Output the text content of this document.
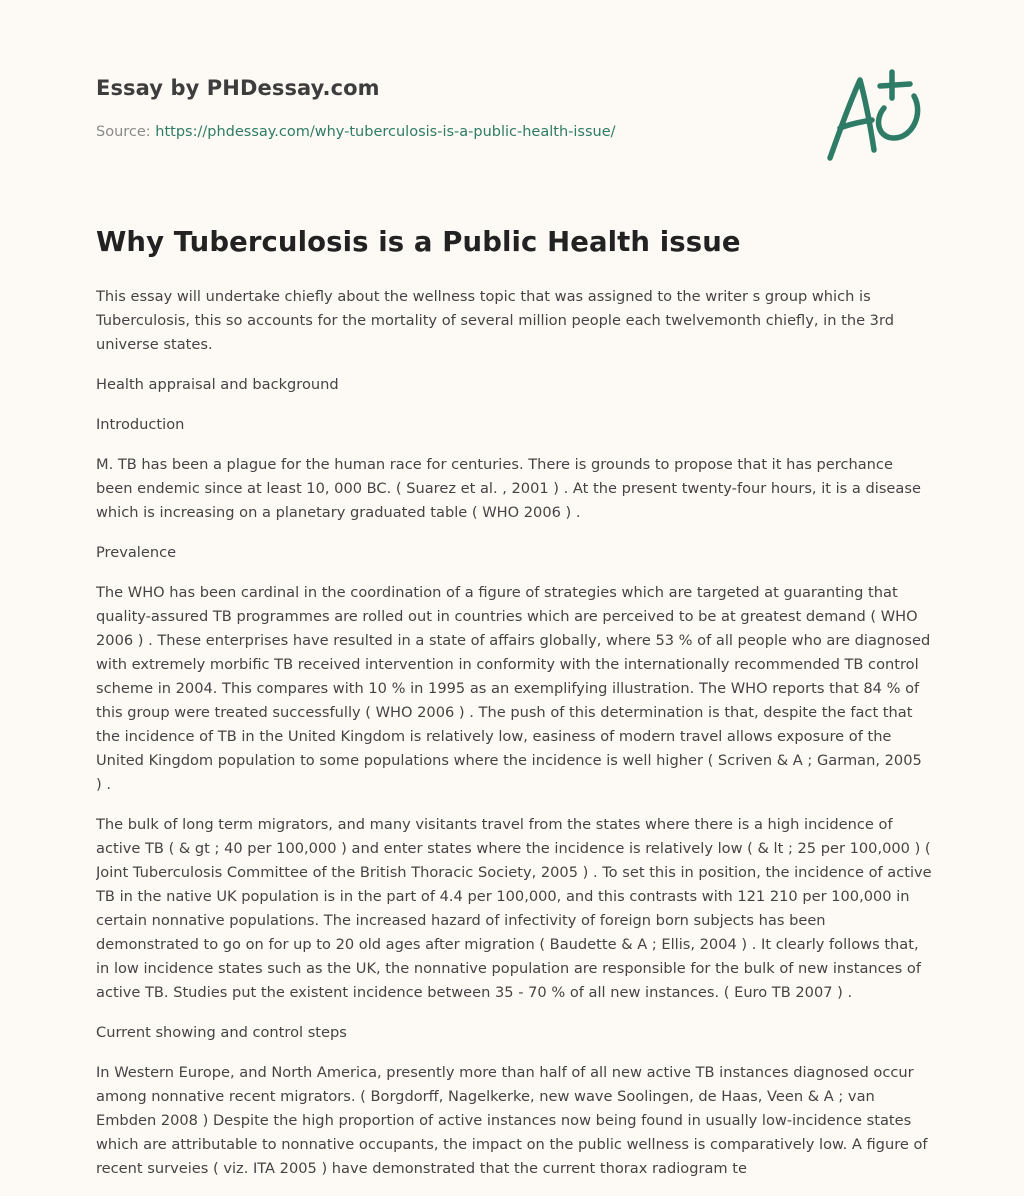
Essay by PHDessay.com
Source: https://phdessay.com/why-tuberculosis-is-a-public-health-issue/
Why Tuberculosis is a Public Health issue

This essay will undertake chiefly about the wellness topic that was assigned to the writer s group which is Tuberculosis, this so accounts for the mortality of several million people each twelvemonth chiefly, in the 3rd universe states.

Health appraisal and background

Introduction

M. TB has been a plague for the human race for centuries. There is grounds to propose that it has perchance been endemic since at least 10, 000 BC. ( Suarez et al. , 2001 ) . At the present twenty-four hours, it is a disease which is increasing on a planetary graduated table ( WHO 2006 ) .

Prevalence

The WHO has been cardinal in the coordination of a figure of strategies which are targeted at guaranting that quality-assured TB programmes are rolled out in countries which are perceived to be at greatest demand ( WHO 2006 ) . These enterprises have resulted in a state of affairs globally, where 53 % of all people who are diagnosed with extremely morbific TB received intervention in conformity with the internationally recommended TB control scheme in 2004. This compares with 10 % in 1995 as an exemplifying illustration. The WHO reports that 84 % of this group were treated successfully ( WHO 2006 ) . The push of this determination is that, despite the fact that the incidence of TB in the United Kingdom is relatively low, easiness of modern travel allows exposure of the United Kingdom population to some populations where the incidence is well higher ( Scriven & A ; Garman, 2005 ) .

The bulk of long term migrators, and many visitants travel from the states where there is a high incidence of active TB ( & gt ; 40 per 100,000 ) and enter states where the incidence is relatively low ( & lt ; 25 per 100,000 ) ( Joint Tuberculosis Committee of the British Thoracic Society, 2005 ) . To set this in position, the incidence of active TB in the native UK population is in the part of 4.4 per 100,000, and this contrasts with 121 210 per 100,000 in certain nonnative populations. The increased hazard of infectivity of foreign born subjects has been demonstrated to go on for up to 20 old ages after migration ( Baudette & A ; Ellis, 2004 ) . It clearly follows that, in low incidence states such as the UK, the nonnative population are responsible for the bulk of new instances of active TB. Studies put the existent incidence between 35 - 70 % of all new instances. ( Euro TB 2007 ) .

Current showing and control steps

In Western Europe, and North America, presently more than half of all new active TB instances diagnosed occur among nonnative recent migrators. ( Borgdorff, Nagelkerke, new wave Soolingen, de Haas, Veen & A ; van Embden 2008 ) Despite the high proportion of active instances now being found in usually low-incidence states which are attributable to nonnative occupants, the impact on the public wellness is comparatively low. A figure of recent surveies ( viz. ITA 2005 ) have demonstrated that the current thorax radiogram te
